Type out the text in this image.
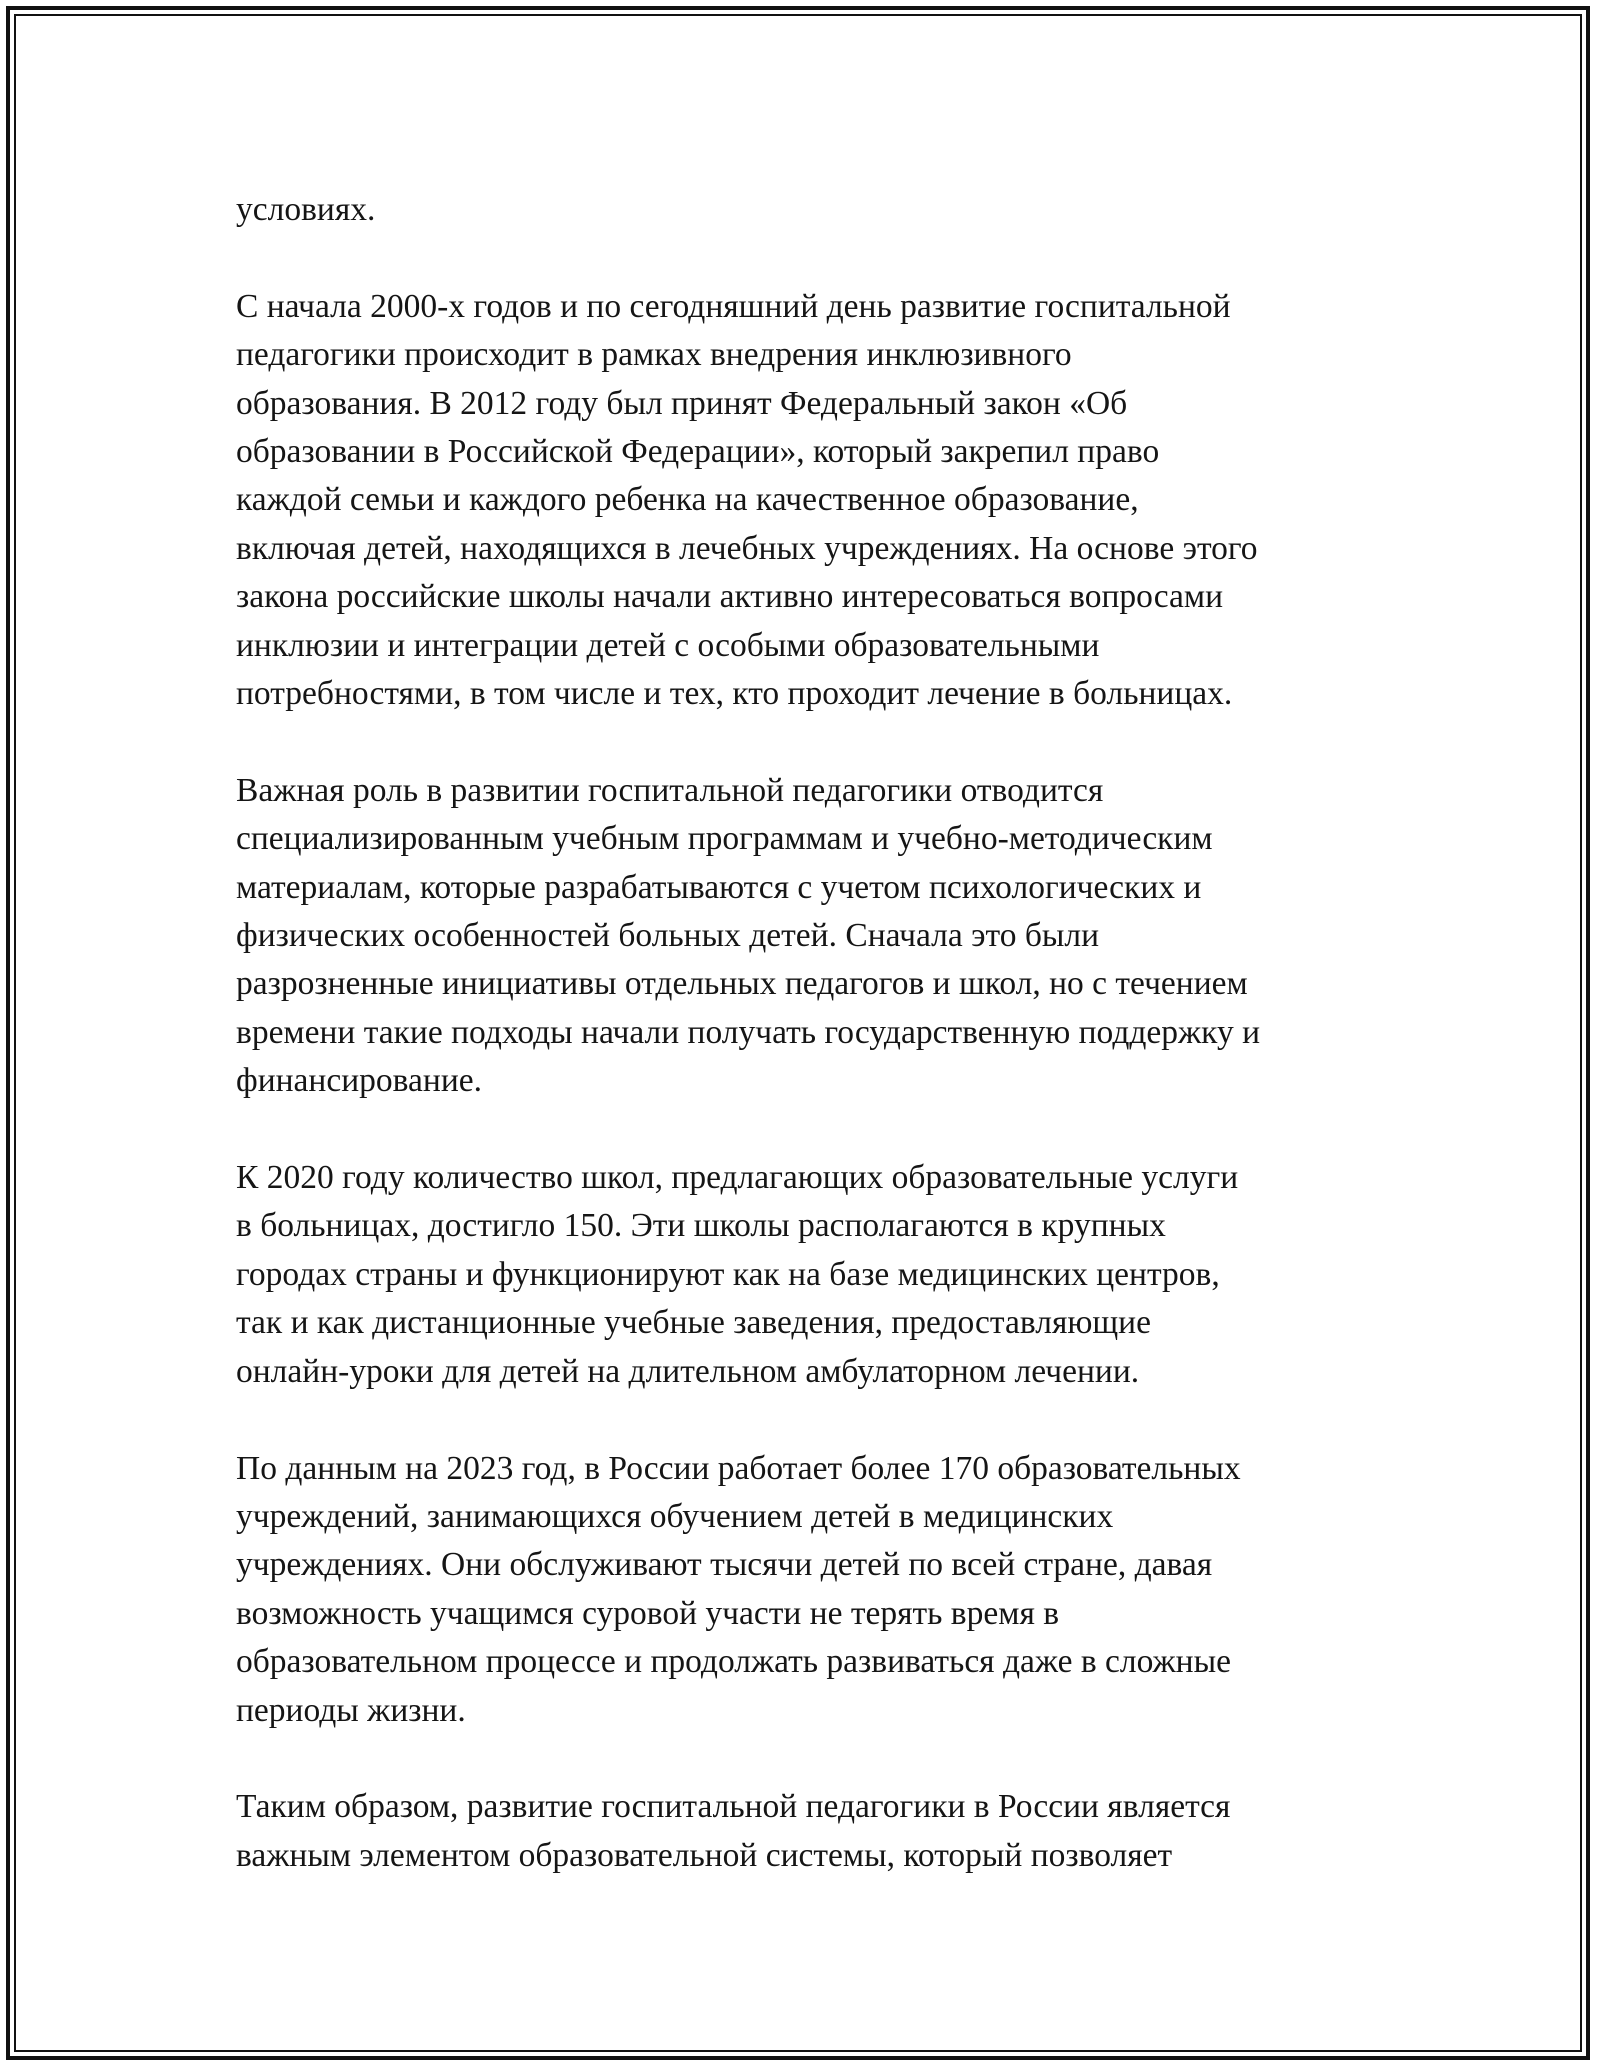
условиях.

С начала 2000-х годов и по сегодняшний день развитие госпитальной
педагогики происходит в рамках внедрения инклюзивного
образования. В 2012 году был принят Федеральный закон «Об
образовании в Российской Федерации», который закрепил право
каждой семьи и каждого ребенка на качественное образование,
включая детей, находящихся в лечебных учреждениях. На основе этого
закона российские школы начали активно интересоваться вопросами
инклюзии и интеграции детей с особыми образовательными
потребностями, в том числе и тех, кто проходит лечение в больницах.

Важная роль в развитии госпитальной педагогики отводится
специализированным учебным программам и учебно-методическим
материалам, которые разрабатываются с учетом психологических и
физических особенностей больных детей. Сначала это были
разрозненные инициативы отдельных педагогов и школ, но с течением
времени такие подходы начали получать государственную поддержку и
финансирование.

К 2020 году количество школ, предлагающих образовательные услуги
в больницах, достигло 150. Эти школы располагаются в крупных
городах страны и функционируют как на базе медицинских центров,
так и как дистанционные учебные заведения, предоставляющие
онлайн-уроки для детей на длительном амбулаторном лечении.

По данным на 2023 год, в России работает более 170 образовательных
учреждений, занимающихся обучением детей в медицинских
учреждениях. Они обслуживают тысячи детей по всей стране, давая
возможность учащимся суровой участи не терять время в
образовательном процессе и продолжать развиваться даже в сложные
периоды жизни.

Таким образом, развитие госпитальной педагогики в России является
важным элементом образовательной системы, который позволяет
